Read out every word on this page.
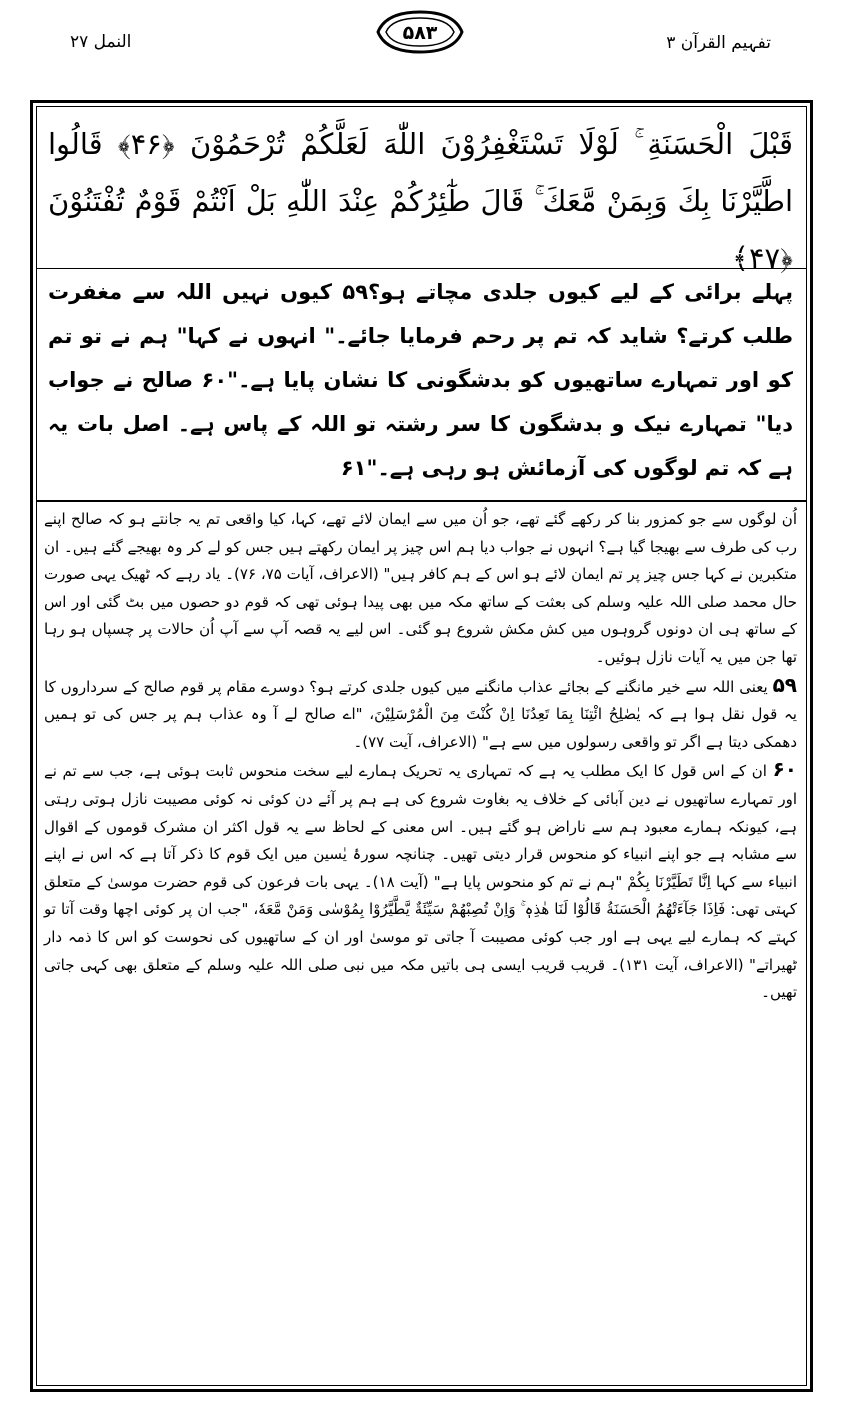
تفہیم القرآن ۳
۵۸۳
النمل ۲۷
قَبْلَ الْحَسَنَةِ ۚ لَوْلَا تَسْتَغْفِرُوْنَ اللّٰهَ لَعَلَّكُمْ تُرْحَمُوْنَ ﴿۴۶﴾ قَالُوا اطَّيَّرْنَا بِكَ وَبِمَنْ مَّعَكَ ۚ قَالَ طٰٓئِرُكُمْ عِنْدَ اللّٰهِ بَلْ اَنْتُمْ قَوْمٌ تُفْتَنُوْنَ ﴿۴۷﴾
پہلے برائی کے لیے کیوں جلدی مچاتے ہو؟۵۹ کیوں نہیں اللہ سے مغفرت طلب کرتے؟ شاید کہ تم پر رحم فرمایا جائے۔" انہوں نے کہا" ہم نے تو تم کو اور تمہارے ساتھیوں کو بدشگونی کا نشان پایا ہے۔"۶۰ صالح نے جواب دیا" تمہارے نیک و بدشگون کا سر رشتہ تو اللہ کے پاس ہے۔ اصل بات یہ ہے کہ تم لوگوں کی آزمائش ہو رہی ہے۔"۶۱

اُن لوگوں سے جو کمزور بنا کر رکھے گئے تھے، جو اُن میں سے ایمان لائے تھے، کہا، کیا واقعی تم یہ جانتے ہو کہ صالح اپنے رب کی طرف سے بھیجا گیا ہے؟ انہوں نے جواب دیا ہم اس چیز پر ایمان رکھتے ہیں جس کو لے کر وہ بھیجے گئے ہیں۔ ان متکبرین نے کہا جس چیز پر تم ایمان لائے ہو اس کے ہم کافر ہیں" (الاعراف، آیات ۷۵، ۷۶)۔ یاد رہے کہ ٹھیک یہی صورت حال محمد صلی اللہ علیہ وسلم کی بعثت کے ساتھ مکہ میں بھی پیدا ہوئی تھی کہ قوم دو حصوں میں بٹ گئی اور اس کے ساتھ ہی ان دونوں گروہوں میں کش مکش شروع ہو گئی۔ اس لیے یہ قصہ آپ سے آپ اُن حالات پر چسپاں ہو رہا تھا جن میں یہ آیات نازل ہوئیں۔

۵۹ یعنی اللہ سے خیر مانگنے کے بجائے عذاب مانگنے میں کیوں جلدی کرتے ہو؟ دوسرے مقام پر قوم صالح کے سرداروں کا یہ قول نقل ہوا ہے کہ يٰصٰلِحُ ائْتِنَا بِمَا تَعِدُنَا اِنْ كُنْتَ مِنَ الْمُرْسَلِيْنَ، "اے صالح لے آ وہ عذاب ہم پر جس کی تو ہمیں دھمکی دیتا ہے اگر تو واقعی رسولوں میں سے ہے" (الاعراف، آیت ۷۷)۔

۶۰ ان کے اس قول کا ایک مطلب یہ ہے کہ تمہاری یہ تحریک ہمارے لیے سخت منحوس ثابت ہوئی ہے، جب سے تم نے اور تمہارے ساتھیوں نے دین آبائی کے خلاف یہ بغاوت شروع کی ہے ہم پر آئے دن کوئی نہ کوئی مصیبت نازل ہوتی رہتی ہے، کیونکہ ہمارے معبود ہم سے ناراض ہو گئے ہیں۔ اس معنی کے لحاظ سے یہ قول اکثر ان مشرک قوموں کے اقوال سے مشابہ ہے جو اپنے انبیاء کو منحوس قرار دیتی تھیں۔ چنانچہ سورۂ یٰسین میں ایک قوم کا ذکر آتا ہے کہ اس نے اپنے انبیاء سے کہا اِنَّا تَطَيَّرْنَا بِكُمْ "ہم نے تم کو منحوس پایا ہے" (آیت ۱۸)۔ یہی بات فرعون کی قوم حضرت موسیٰ کے متعلق کہتی تھی: فَاِذَا جَآءَتْهُمُ الْحَسَنَةُ قَالُوْا لَنَا هٰذِهٖ ۚ وَاِنْ تُصِبْهُمْ سَيِّئَةٌ يَّطَّيَّرُوْا بِمُوْسٰى وَمَنْ مَّعَهٗ، "جب ان پر کوئی اچھا وقت آتا تو کہتے کہ ہمارے لیے یہی ہے اور جب کوئی مصیبت آ جاتی تو موسیٰ اور ان کے ساتھیوں کی نحوست کو اس کا ذمہ دار ٹھیراتے" (الاعراف، آیت ۱۳۱)۔ قریب قریب ایسی ہی باتیں مکہ میں نبی صلی اللہ علیہ وسلم کے متعلق بھی کہی جاتی تھیں۔
